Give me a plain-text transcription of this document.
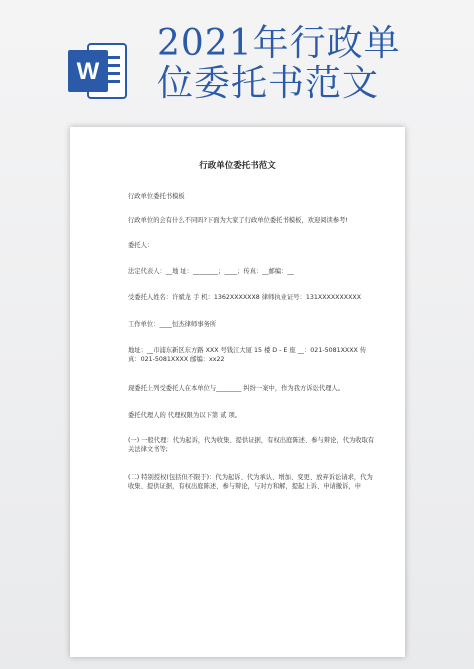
W
2021年行政单
位委托书范文
行政单位委托书范文
行政单位委托书模板
行政单位的会有什么不同吗?下面为大家了行政单位委托书模板，欢迎阅读参考!
委托人：
法定代表人：__地 址：________；____；传真：__邮编：__
受委托人姓名：许斌龙 手 机：1362XXXXXX8 律师执业证号：131XXXXXXXXXX
工作单位：____恒杰律师事务所
地址：__市浦东新区东方路 XXX 号钱江大厦 15 楼 D - E 座 __：021-5081XXXX 传真：021-5081XXXX 邮编：xx22
现委托上列受委托人在本单位与________ 纠纷一案中，作为我方诉讼代理人。
委托代理人的 代理权限为以下第 贰 项。
(一) 一般代理：代为起诉，代为收集、提供证据，有权出庭陈述、参与辩论，代为收取有关法律文书等;
(二) 特别授权(包括但不限于)：代为起诉、代为承认、增加、变更、放弃诉讼请求，代为收集、提供证据，有权出庭陈述、参与辩论，与对方和解，提起上诉、申请撤诉，申
